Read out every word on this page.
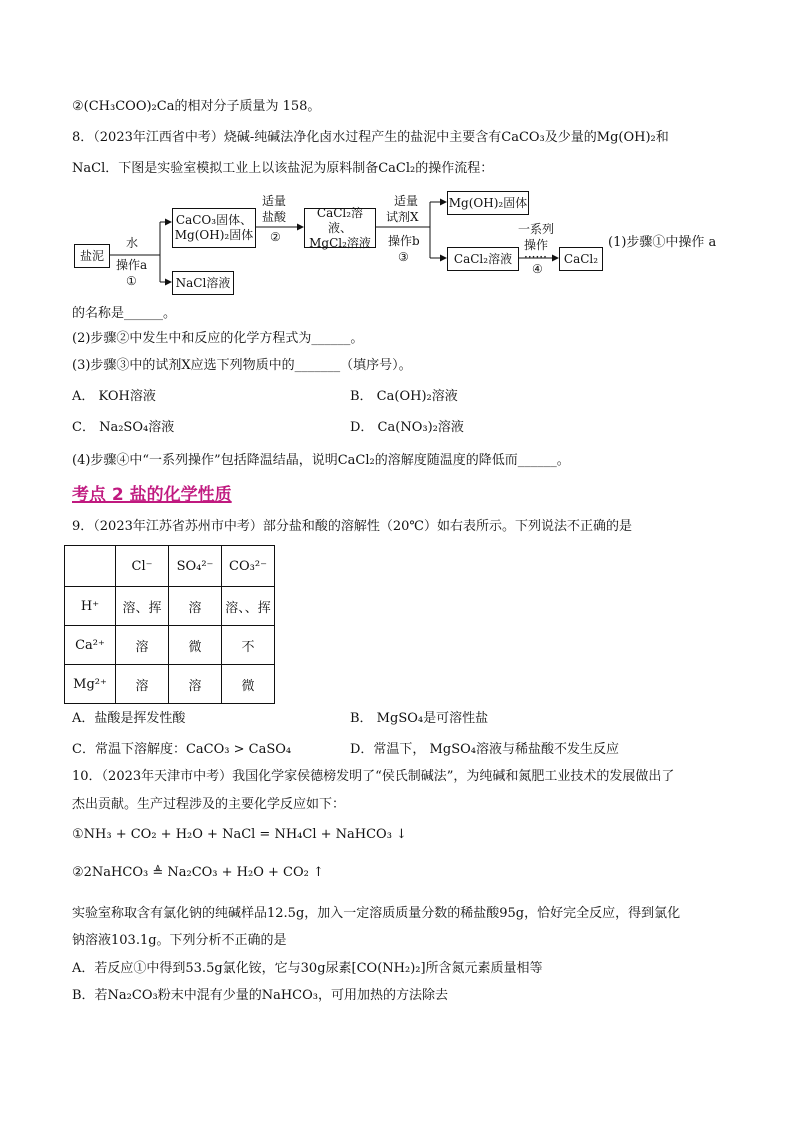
②(CH₃COO)₂Ca的相对分子质量为 158。
8．（2023年江西省中考）烧碱-纯碱法净化卤水过程产生的盐泥中主要含有CaCO₃及少量的Mg(OH)₂和
NaCl．下图是实验室模拟工业上以该盐泥为原料制备CaCl₂的操作流程：
盐泥
水
操作a
①
CaCO₃固体、
Mg(OH)₂固体
NaCl溶液
适量
盐酸
②
CaCl₂溶液、
MgCl₂溶液
适量
试剂X
操作b
③
Mg(OH)₂固体
CaCl₂溶液
一系列
操作
······
④
CaCl₂
(1)步骤①中操作 a
的名称是______。
(2)步骤②中发生中和反应的化学方程式为______。
(3)步骤③中的试剂X应选下列物质中的_______（填序号）。
A． KOH溶液	B． Ca(OH)₂溶液
C． Na₂SO₄溶液	D． Ca(NO₃)₂溶液
(4)步骤④中“一系列操作”包括降温结晶，说明CaCl₂的溶解度随温度的降低而______。
考点 2 盐的化学性质
9．（2023年江苏省苏州市中考）部分盐和酸的溶解性（20℃）如右表所示。下列说法不正确的是
	Cl⁻	SO₄²⁻	CO₃²⁻
H⁺	溶、挥	溶	溶、、挥
Ca²⁺	溶	微	不
Mg²⁺	溶	溶	微
A．盐酸是挥发性酸	B． MgSO₄是可溶性盐
C．常温下溶解度：CaCO₃ > CaSO₄	D．常温下， MgSO₄溶液与稀盐酸不发生反应
10．（2023年天津市中考）我国化学家侯德榜发明了“侯氏制碱法”，为纯碱和氮肥工业技术的发展做出了
杰出贡献。生产过程涉及的主要化学反应如下：
①NH₃ + CO₂ + H₂O + NaCl = NH₄Cl + NaHCO₃ ↓
②2NaHCO₃ ≜ Na₂CO₃ + H₂O + CO₂ ↑
实验室称取含有氯化钠的纯碱样品12.5g，加入一定溶质质量分数的稀盐酸95g，恰好完全反应，得到氯化
钠溶液103.1g。下列分析不正确的是
A．若反应①中得到53.5g氯化铵，它与30g尿素[CO(NH₂)₂]所含氮元素质量相等
B．若Na₂CO₃粉末中混有少量的NaHCO₃，可用加热的方法除去
